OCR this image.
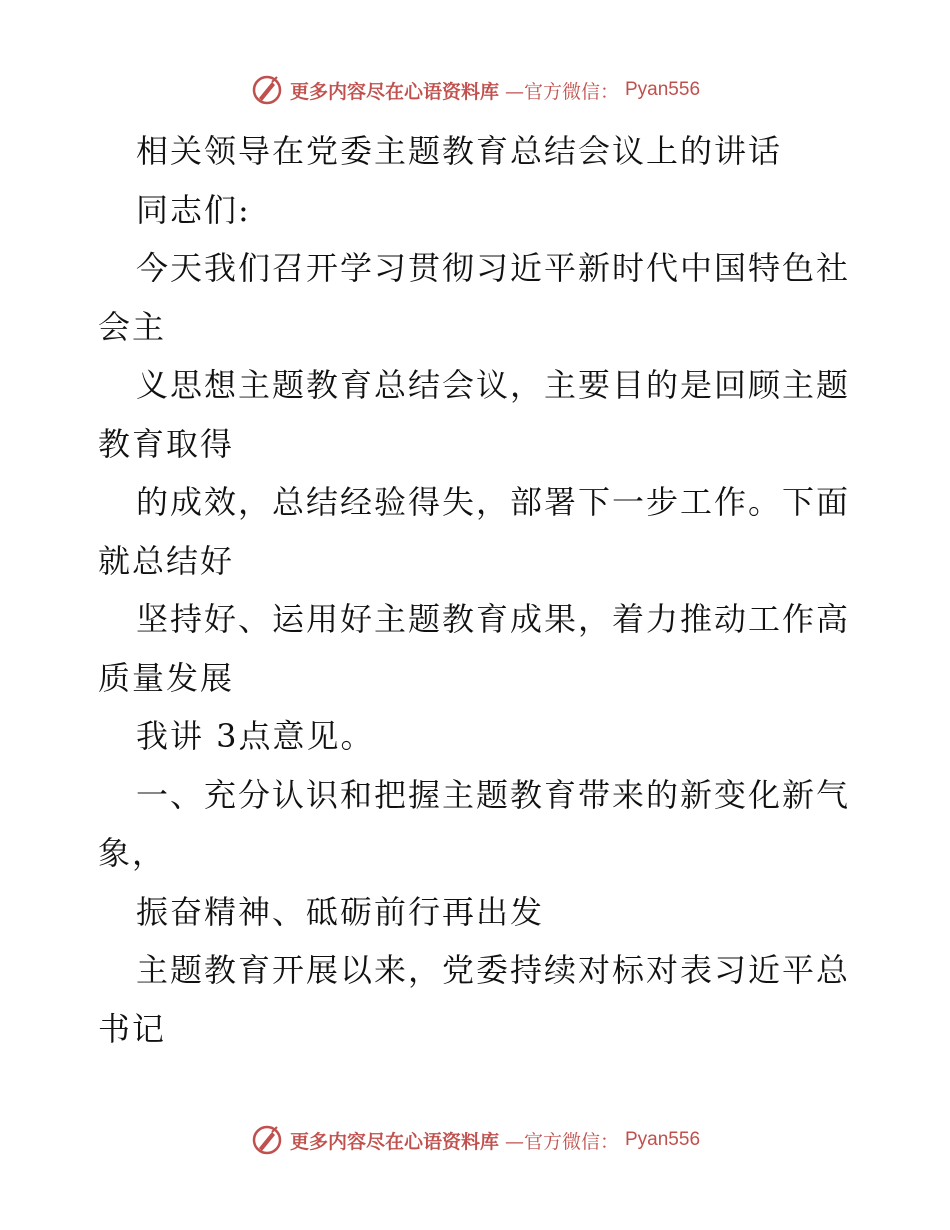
更多内容尽在心语资料库 —官方微信： Pyan556
相关领导在党委主题教育总结会议上的讲话
同志们:
今天我们召开学习贯彻习近平新时代中国特色社
会主
义思想主题教育总结会议，主要目的是回顾主题
教育取得
的成效，总结经验得失，部署下一步工作。下面
就总结好
坚持好、运用好主题教育成果，着力推动工作高
质量发展
我讲 3点意见。
一、充分认识和把握主题教育带来的新变化新气
象，
振奋精神、砥砺前行再出发
主题教育开展以来，党委持续对标对表习近平总
书记
更多内容尽在心语资料库 —官方微信： Pyan556
